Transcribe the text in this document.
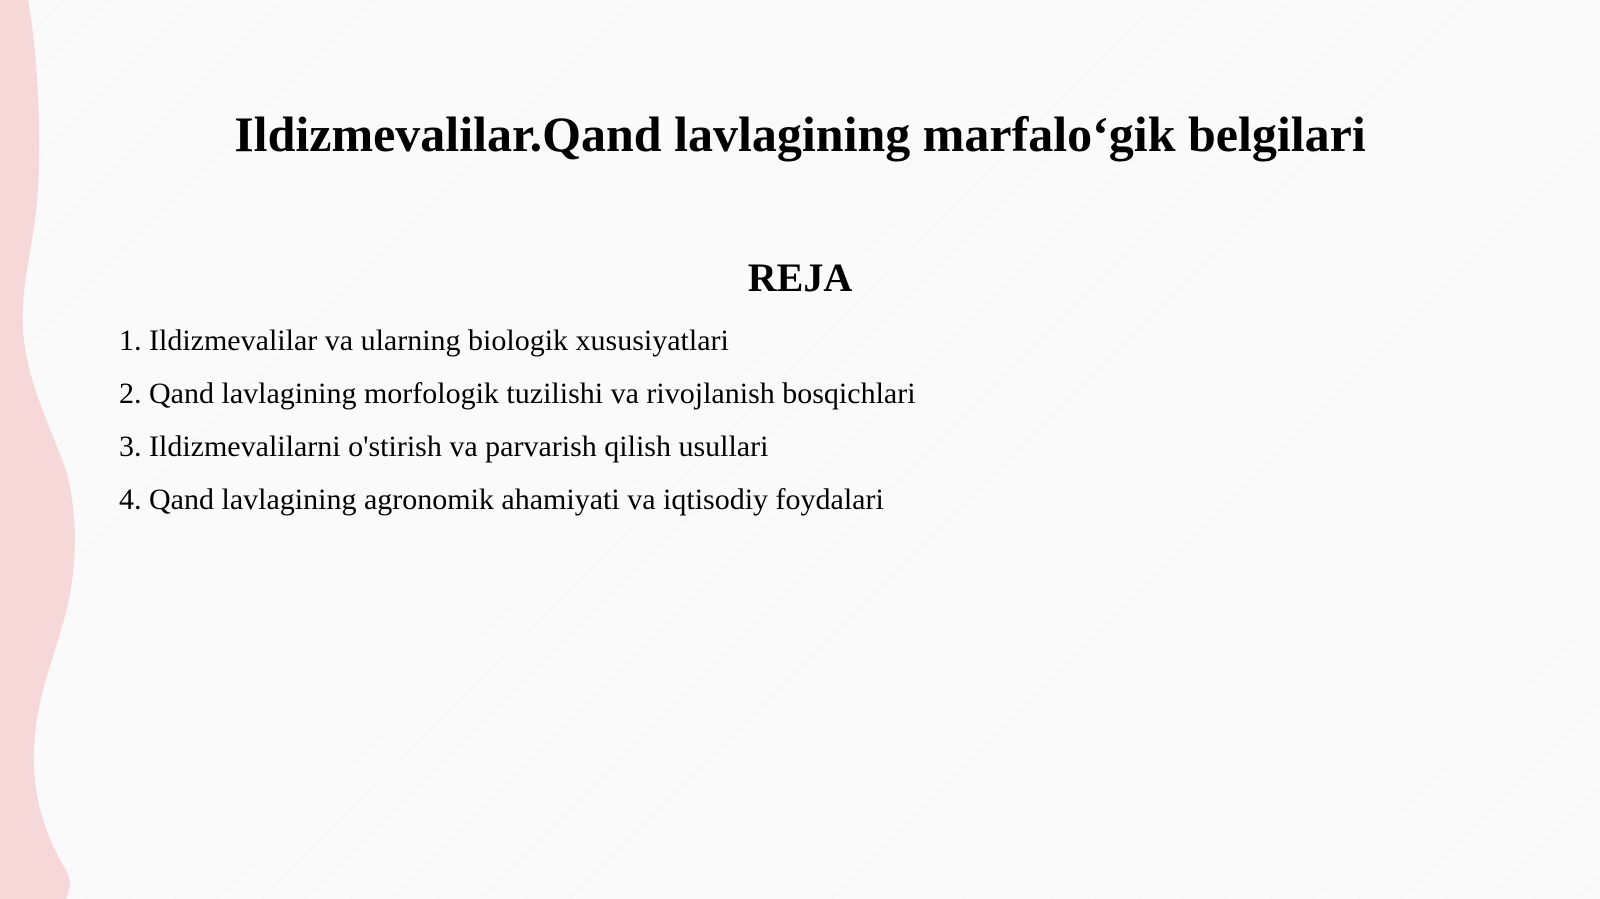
Ildizmevalilar.Qand lavlagining marfalo‘gik belgilari
REJA
1. Ildizmevalilar va ularning biologik xususiyatlari
2. Qand lavlagining morfologik tuzilishi va rivojlanish bosqichlari
3. Ildizmevalilarni o'stirish va parvarish qilish usullari
4. Qand lavlagining agronomik ahamiyati va iqtisodiy foydalari
